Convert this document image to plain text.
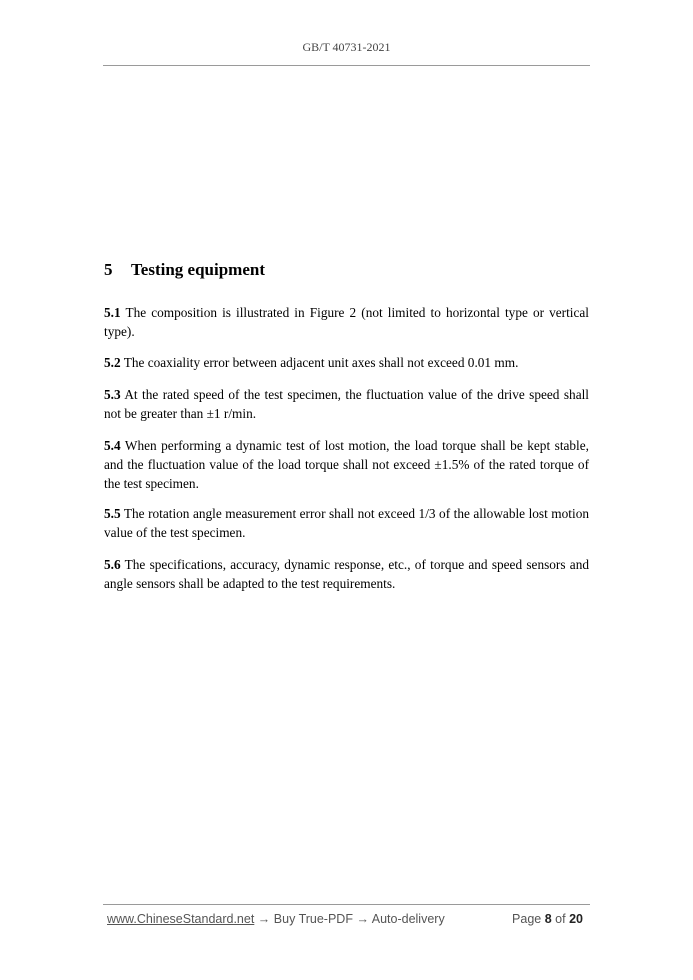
GB/T 40731-2021
5 Testing equipment
5.1 The composition is illustrated in Figure 2 (not limited to horizontal type or vertical type).
5.2 The coaxiality error between adjacent unit axes shall not exceed 0.01 mm.
5.3 At the rated speed of the test specimen, the fluctuation value of the drive speed shall not be greater than ±1 r/min.
5.4 When performing a dynamic test of lost motion, the load torque shall be kept stable, and the fluctuation value of the load torque shall not exceed ±1.5% of the rated torque of the test specimen.
5.5 The rotation angle measurement error shall not exceed 1/3 of the allowable lost motion value of the test specimen.
5.6 The specifications, accuracy, dynamic response, etc., of torque and speed sensors and angle sensors shall be adapted to the test requirements.
www.ChineseStandard.net → Buy True-PDF → Auto-delivery	Page 8 of 20
